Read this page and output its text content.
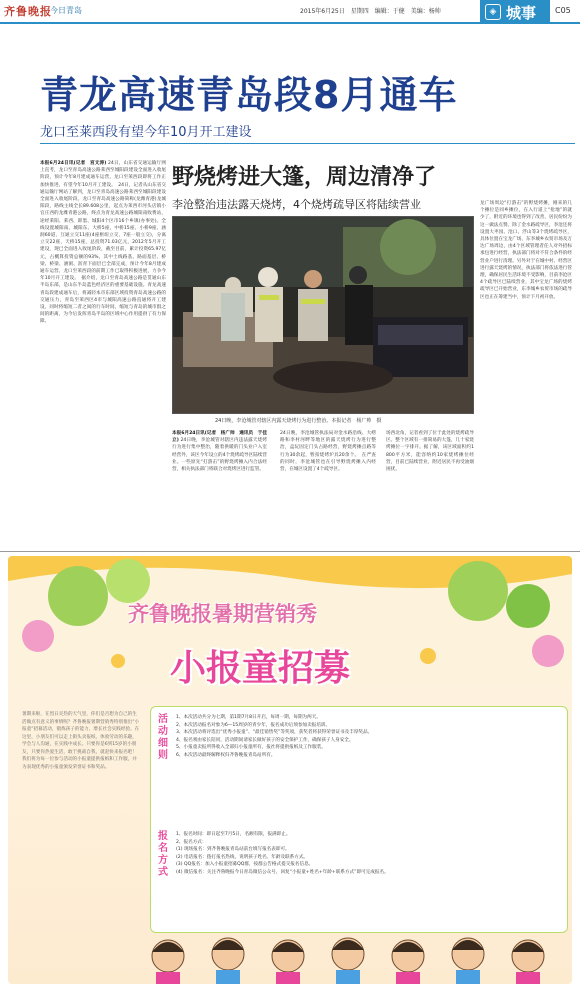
齐鲁晚报
今日青岛	2015年6月25日　星期四　编辑：于健　美编：杨帅	◈ 城事 C05
青龙高速青岛段8月通车
龙口至莱西段有望今年10月开工建设
本报6月24日讯(记者　宫文涛) 24日，山东省交通运输厅网上直考，龙口至青岛高速公路莱西至城阳段建设全面进入收尾阶段，预计今年8月建成通车运营，龙口至莱西段即将工作正加快推进，有望今年10月开工建设。　24日，记者从山东省交通运输厅网站了解到，龙口至青岛高速公路莱西至城阳段建设全面进入收尾阶段。龙口至青岛高速公路简称(龙潍青港)龙城阳段，路线主线全长89.608公里，起点为莱西市河头店镇小官庄西的龙潍青港公路，终点为青龙高速公路城阳南收费站，途经莱阳、莱西、即墨、城阳4个区市16个乡镇(办事处)。全线设置城阳南、城阳东、大桥5座、中桥15座、小桥9座、涵洞60道，互通立交11座(4座枢纽立交，7座一般立交)，分离立交22座，天桥15座，总投资71.03亿元，2012年5月开工建设，现已全面进入收尾阶段，截至目前，累计投资65.97亿元，占概算投资总额的93%，其中土线路基、路面基层、桥梁、桥梁、涵洞、沥青下面层已全部完成，预计今年8月建成通车运营。龙口至莱西段的前期工作已取得积极进展，力争今年10月开工建设。　据介绍，龙口至青岛高速公路是贯通山东半岛东部，是山东半岛蓝色经济区的重要基础设施。青龙高速青岛段建成通车后，将减轻本市东部区域投资青岛高速公路的交通压力，青岛至莱西区4市与城阳高速公路直通将开工建设，同时将缩短二者之间的行车时间，缩短与青岛的城市群之间的距离，为今后发挥青岛半岛的区域中心作用提供了有力保障。
野烧烤进大篷，周边清净了
李沧整治违法露天烧烤，4个烧烤疏导区将陆续营业
24日晚，李沧城管对辖区内露天烧烤行为进行整治。本报记者　杨广帅　摄
本报6月24日讯(记者　杨广帅　通讯员　于佳立) 24日晚，李沧城管对辖区内违法露天烧烤行为进行集中整治，随着供暖的门头业户入室经营外，该区今年设立的4个烧烤疏导区陆续营业。一些原先“打游击”的野烧烤摊入内合法经营，相关执法部门将联合对烧烤区进行监管。
24日晚，李沧城管执法局对金水路沿线、大崂路和李村河畔等地区的露天烧烤行为进行整治，盒玩固定门头占路经营，野烧烤摊点路等行为30余起，暂扣烧烤炉具20余个。　在严查的同时，李沧城管也在引导野烧烤摊入内经营，在城区设置了4个疏导区。
场西北角，记者看到了位于此处的烧烤疏导区。整个区域有一排简易的大篷，几十家烧烤摊位一字排开。据了解，该区域面积约1800平方米，能容纳约10家烧烤摊位经营，目前已陆续营业，附近居民不再受油烟困扰。
龙广场周边“打游击”的野烧烤摊，刚来的几个摊位是同乡摊位，在入行道上“抢地”的就少了，附近的环境也得到了改善，居民纷纷为这一做法点赞。除了金水路疏导区，李沧还将设置大枣园、沧口、浮山等3个烧烤疏导区，具体位置在宝龙广场、东李城乡农贸市场及万达广场周边，由4个区域管理者任人对外招标承包进行经营，执法部门将对不符合条件的经营业户进行清理。另外对于在城中村、经营区进行露天烧烤的情况，执法部门将依法进行管理，确保居民生活环境不受影响，目前李沧区4个疏导区已陆续营业，其中宝龙广场的烧烤疏导区已开始营业，东李城乡农贸市场的疏导区也正在筹建当中，预计下月初开放。
齐鲁晚报暑期营销秀
小报童招募
暑期来啦，在烈日炎热的天气里，你们是否想为自己的生活做点有意义的事情呢？齐鲁晚报暑期营销秀特别推出“小报童”招募活动，锻炼孩子的能力，增长社会实践经验。在这里，小朋友们可以走上街头卖报纸，体验劳动的乐趣，学会与人沟通，在实践中成长。只要你是6到15岁的小朋友，只要你热爱生活，敢于挑战自我，就赶快来报名吧！我们将为每一位参与活动的小报童提供报纸和工作服，并为表现优秀的小报童颁发荣誉证书和奖品。
活动细则
1、本次活动共分为七期，第1期7月8日开启，每周一期，每期为两天。
2、本次活动报名对象为6—15周岁的青少年，报名成功后须参加卖报培训。
3、本次活动将评选出“优秀小报童”、“最佳销售奖”等奖项，获奖者将获得荣誉证书及丰厚奖品。
4、报名须由家长陪同，活动期间请家长做好孩子的安全保护工作，确保孩子人身安全。
5、小报童卖报所得收入全部归小报童所有，报社将提供报纸及工作服装。
6、本次活动最终解释权归齐鲁晚报青岛站所有。
报名方式
1、报名时间：即日起至7月5日，名额有限，报满即止。
2、报名方式：
(1) 现场报名：到齐鲁晚报青岛站前台填写报名表即可。
(2) 电话报名：拨打报名热线，说明孩子姓名、年龄及联系方式。
(3) QQ报名：加入小报童招募QQ群，按群公告格式提交报名信息。
(4) 微信报名：关注齐鲁晚报今日青岛微信公众号，回复“小报童+姓名+年龄+联系方式”即可完成报名。
